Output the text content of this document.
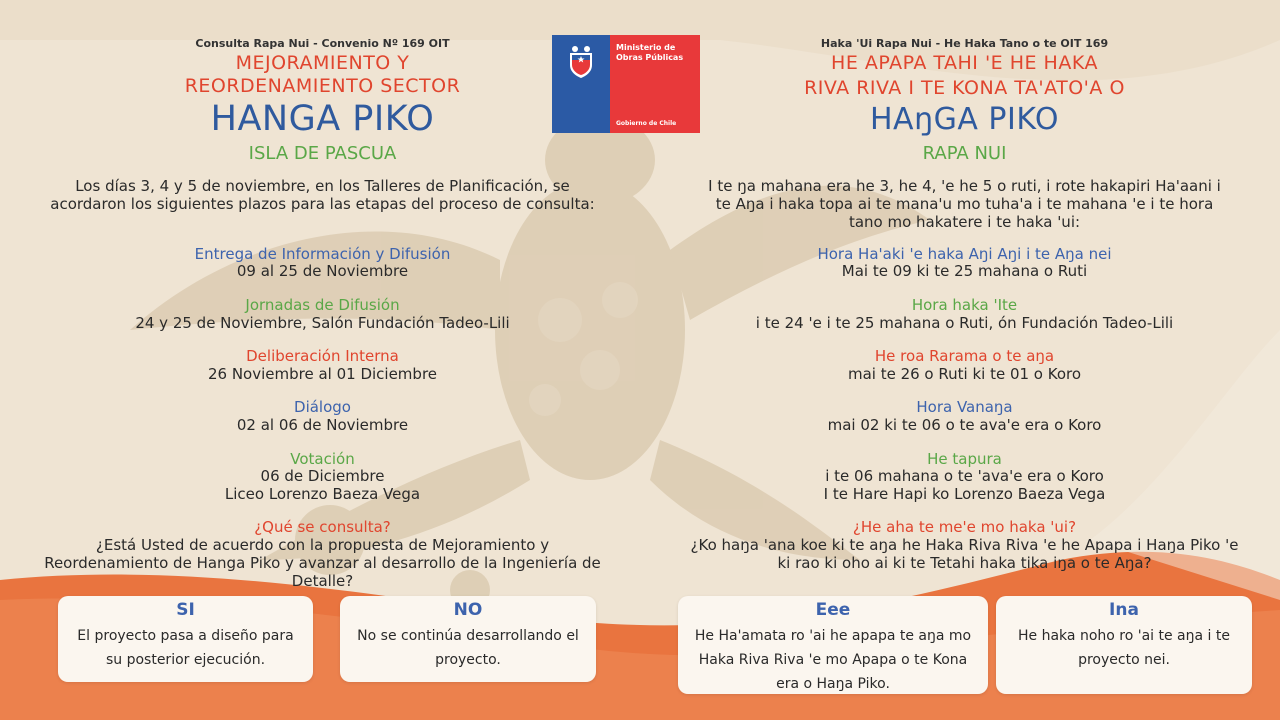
Consulta Rapa Nui - Convenio Nº 169 OIT
MEJORAMIENTO Y
REORDENAMIENTO SECTOR
HANGA PIKO
ISLA DE PASCUA
Los días 3, 4 y 5 de noviembre, en los Talleres de Planificación, se acordaron los siguientes plazos para las etapas del proceso de consulta:
Entrega de Información y Difusión
09 al 25 de Noviembre
Jornadas de Difusión
24 y 25 de Noviembre, Salón Fundación Tadeo-Lili
Deliberación Interna
26 Noviembre al 01 Diciembre
Diálogo
02 al 06 de Noviembre
Votación
06 de Diciembre
Liceo Lorenzo Baeza Vega
¿Qué se consulta?
¿Está Usted de acuerdo con la propuesta de Mejoramiento y Reordenamiento de Hanga Piko y avanzar al desarrollo de la Ingeniería de Detalle?
SI
El proyecto pasa a diseño para su posterior ejecución.
NO
No se continúa desarrollando el proyecto.
Ministerio de Obras Públicas
Gobierno de Chile
Haka 'Ui Rapa Nui - He Haka Tano o te OIT 169
HE APAPA TAHI 'E HE HAKA
RIVA RIVA I TE KONA TA'ATO'A O
HAŋGA PIKO
RAPA NUI
I te ŋa mahana era he 3, he 4, 'e he 5 o ruti, i rote hakapiri Ha'aani i te Aŋa i haka topa ai te mana'u mo tuha'a i te mahana 'e i te hora tano mo hakatere i te haka 'ui:
Hora Ha'aki 'e haka Aŋi Aŋi i te Aŋa nei
Mai te 09 ki te 25 mahana o Ruti
Hora haka 'Ite
i te 24 'e i te 25 mahana o Ruti, ón Fundación Tadeo-Lili
He roa Rarama o te aŋa
mai te 26 o Ruti ki te 01 o Koro
Hora Vanaŋa
mai 02 ki te 06 o te ava'e era o Koro
He tapura
i te 06 mahana o te 'ava'e era o Koro
I te Hare Hapi ko Lorenzo Baeza Vega
¿He aha te me'e mo haka 'ui?
¿Ko haŋa 'ana koe ki te aŋa he Haka Riva Riva 'e he Apapa i Haŋa Piko 'e ki rao ki oho ai ki te Tetahi haka tika iŋa o te Aŋa?
Eee
He Ha'amata ro 'ai he apapa te aŋa mo Haka Riva Riva 'e mo Apapa o te Kona era o Haŋa Piko.
Ina
He haka noho ro 'ai te aŋa i te proyecto nei.
